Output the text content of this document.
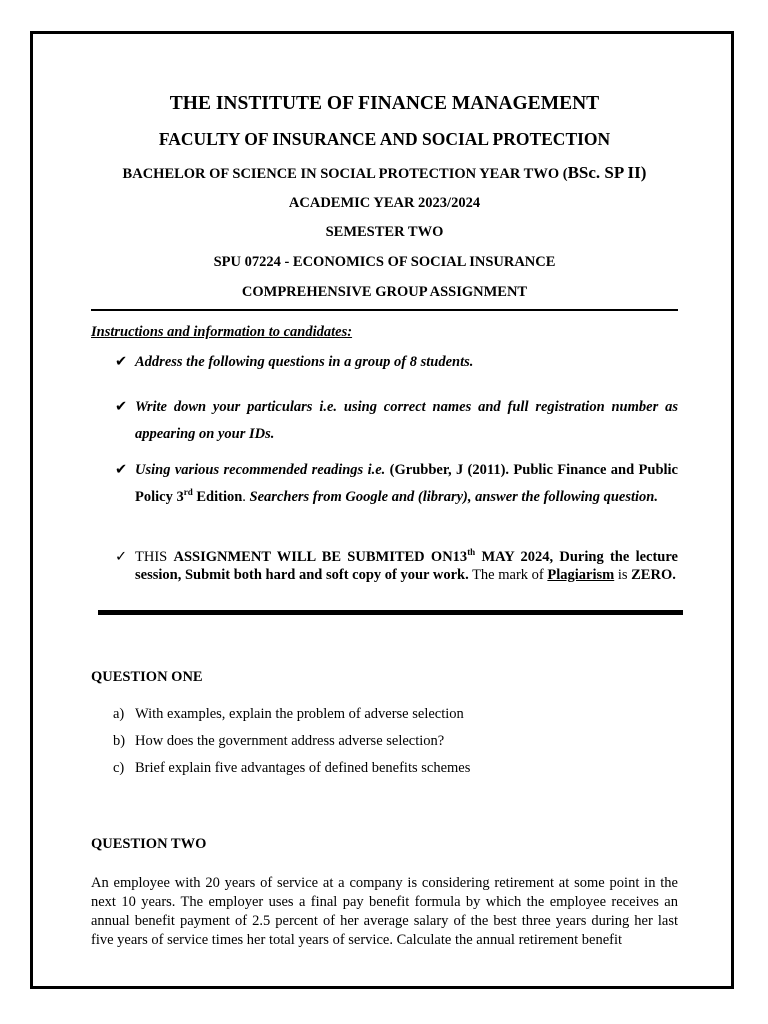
THE INSTITUTE OF FINANCE MANAGEMENT
FACULTY OF INSURANCE AND SOCIAL PROTECTION
BACHELOR OF SCIENCE IN SOCIAL PROTECTION YEAR TWO (BSc. SP II)
ACADEMIC YEAR 2023/2024
SEMESTER TWO
SPU 07224 - ECONOMICS OF SOCIAL INSURANCE
COMPREHENSIVE GROUP ASSIGNMENT
Instructions and information to candidates:
✔ Address the following questions in a group of 8 students.
✔ Write down your particulars i.e. using correct names and full registration number as appearing on your IDs.
✔ Using various recommended readings i.e. (Grubber, J (2011). Public Finance and Public Policy 3rd Edition. Searchers from Google and (library), answer the following question.
✓ THIS ASSIGNMENT WILL BE SUBMITED ON13th MAY 2024, During the lecture session, Submit both hard and soft copy of your work. The mark of Plagiarism is ZERO.
QUESTION ONE
a) With examples, explain the problem of adverse selection
b) How does the government address adverse selection?
c) Brief explain five advantages of defined benefits schemes
QUESTION TWO
An employee with 20 years of service at a company is considering retirement at some point in the next 10 years. The employer uses a final pay benefit formula by which the employee receives an annual benefit payment of 2.5 percent of her average salary of the best three years during her last five years of service times her total years of service. Calculate the annual retirement benefit
